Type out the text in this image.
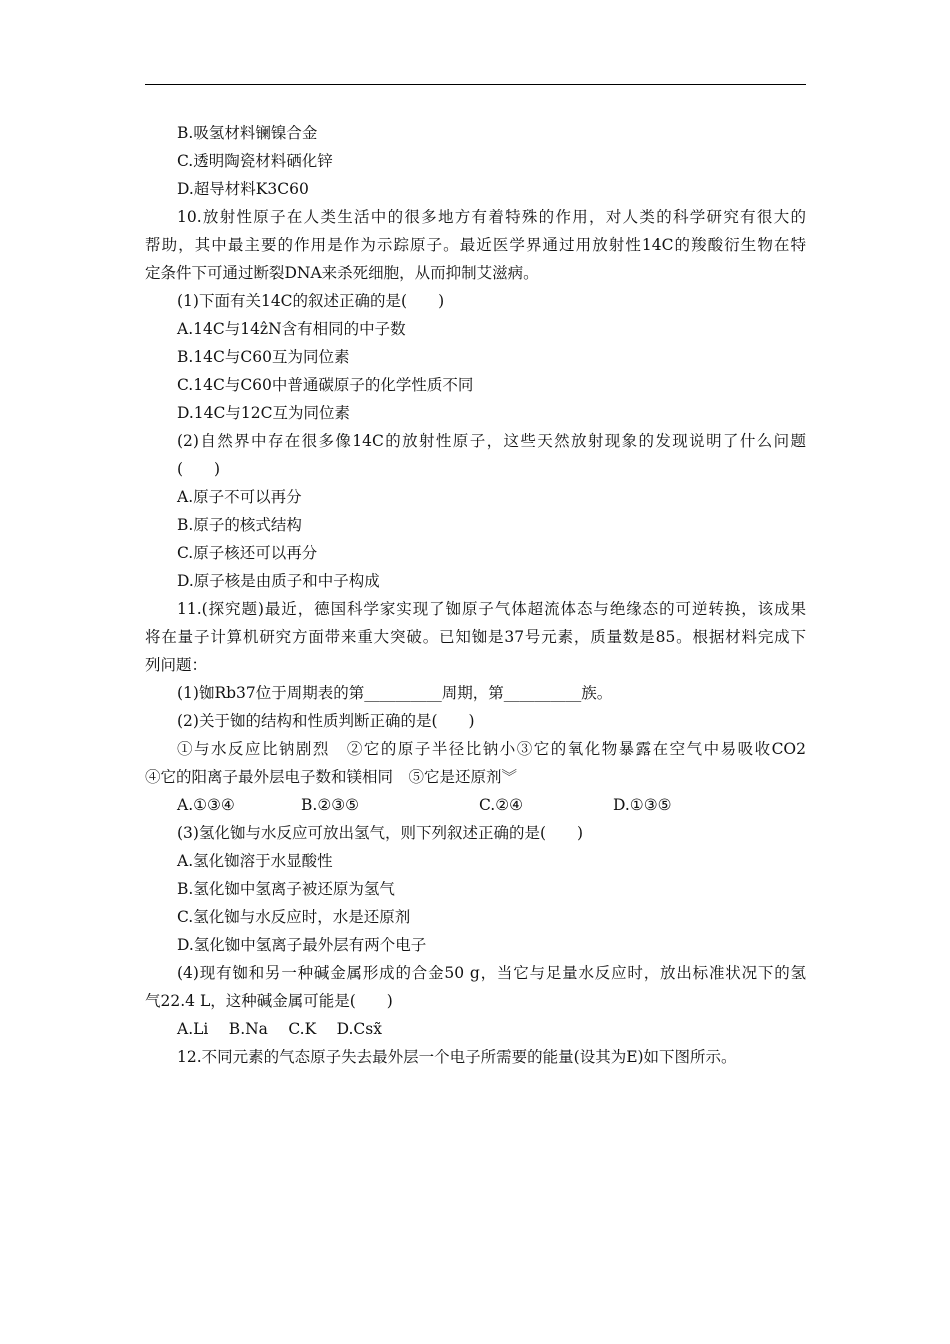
B.吸氢材料镧镍合金
C.透明陶瓷材料硒化锌
D.超导材料K3C60
10.放射性原子在人类生活中的很多地方有着特殊的作用，对人类的科学研究有很大的
帮助，其中最主要的作用是作为示踪原子。最近医学界通过用放射性14C的羧酸衍生物在特
定条件下可通过断裂DNA来杀死细胞，从而抑制艾滋病。
(1)下面有关14C的叙述正确的是(　　)
A.14C与14ẑN含有相同的中子数
B.14C与C60互为同位素
C.14C与C60中普通碳原子的化学性质不同
D.14C与12C互为同位素
(2)自然界中存在很多像14C的放射性原子，这些天然放射现象的发现说明了什么问题
(　　)
A.原子不可以再分
B.原子的核式结构
C.原子核还可以再分
D.原子核是由质子和中子构成
11.(探究题)最近，德国科学家实现了铷原子气体超流体态与绝缘态的可逆转换，该成果
将在量子计算机研究方面带来重大突破。已知铷是37号元素，质量数是85。根据材料完成下
列问题：
(1)铷Rb37位于周期表的第__________周期，第__________族。
(2)关于铷的结构和性质判断正确的是(　　)
①与水反应比钠剧烈　②它的原子半径比钠小③它的氧化物暴露在空气中易吸收CO2
④它的阳离子最外层电子数和镁相同　⑤它是还原剂︾
A.①③④	B.②③⑤	C.②④	D.①③⑤
(3)氢化铷与水反应可放出氢气，则下列叙述正确的是(　　)
A.氢化铷溶于水显酸性
B.氢化铷中氢离子被还原为氢气
C.氢化铷与水反应时，水是还原剂
D.氢化铷中氢离子最外层有两个电子
(4)现有铷和另一种碱金属形成的合金50 g，当它与足量水反应时，放出标准状况下的氢
气22.4 L，这种碱金属可能是(　　)
A.Li　 B.Na　 C.K　 D.Csx̃
12.不同元素的气态原子失去最外层一个电子所需要的能量(设其为E)如下图所示。
